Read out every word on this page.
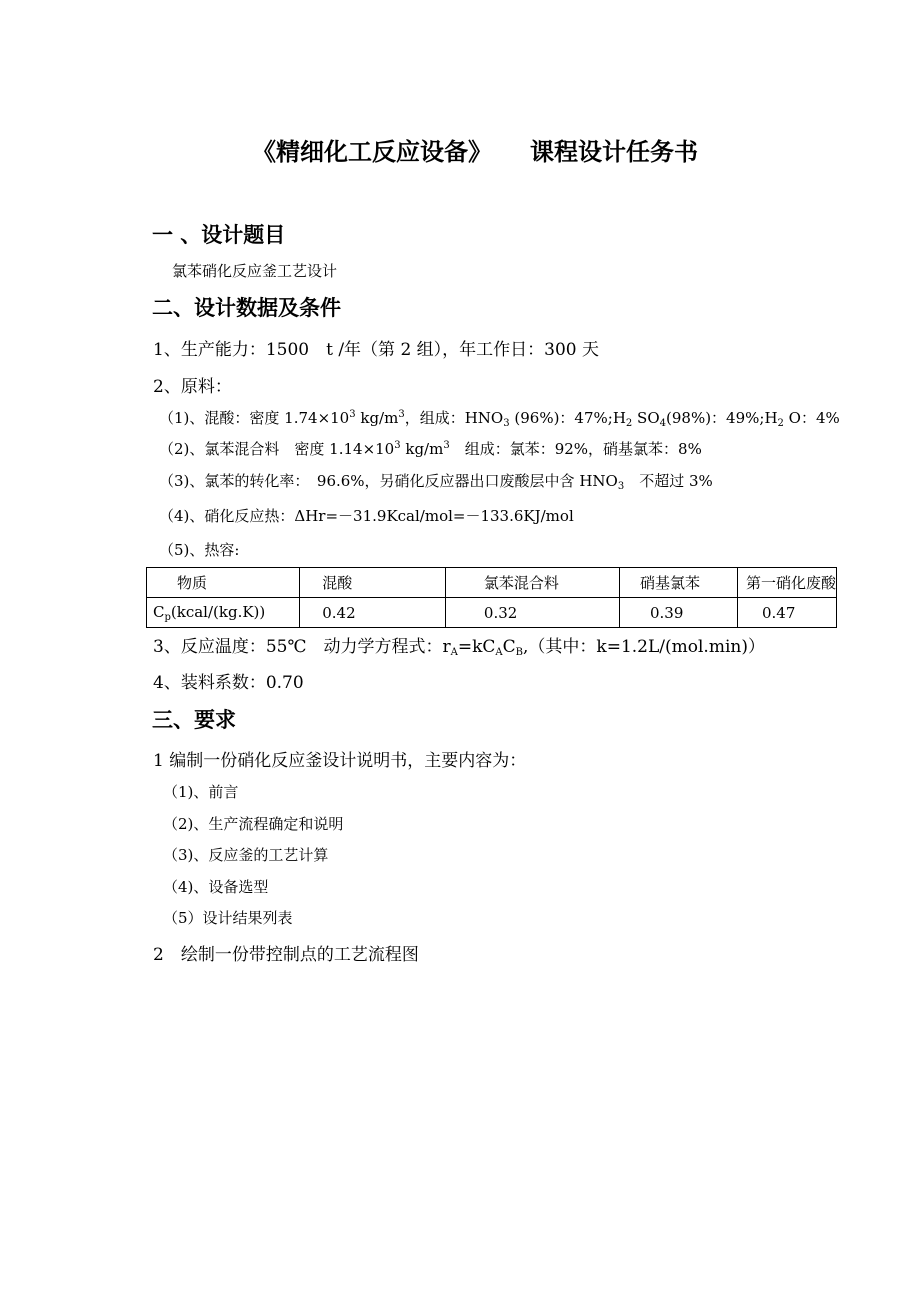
《精细化工反应设备》 课程设计任务书
一 、设计题目
氯苯硝化反应釜工艺设计
二、设计数据及条件
1、生产能力：1500　t /年（第 2 组），年工作日：300 天
2、原料：
（1)、混酸：密度 $1.74\times 10^3$ $kg/m^3$，组成：$HNO_3$ (96%)：$47\%;H_2$ $SO_4(98\%)$：$49\%;H_2$ O：4%
（2)、氯苯混合料　密度 $1.14\times 10^3$ $kg/m^3$　组成：氯苯：92%，硝基氯苯：8%
（3)、氯苯的转化率：　96.6%，另硝化反应器出口废酸层中含 $HNO_3$　不超过 3%
（4)、硝化反应热：ΔHr=－31.9Kcal/mol=－133.6KJ/mol
（5)、热容:
物质	混酸	氯苯混合料	硝基氯苯	第一硝化废酸
$C_p(kcal/(kg.K))$	0.42	0.32	0.39	0.47
3、反应温度：55℃　动力学方程式：$r_A=kC_AC_B$,（其中：k=1.2L/(mol.min)）
4、装料系数：0.70
三、要求
1 编制一份硝化反应釜设计说明书，主要内容为：
（1)、前言
（2)、生产流程确定和说明
（3)、反应釜的工艺计算
（4)、设备选型
（5）设计结果列表
2　绘制一份带控制点的工艺流程图
